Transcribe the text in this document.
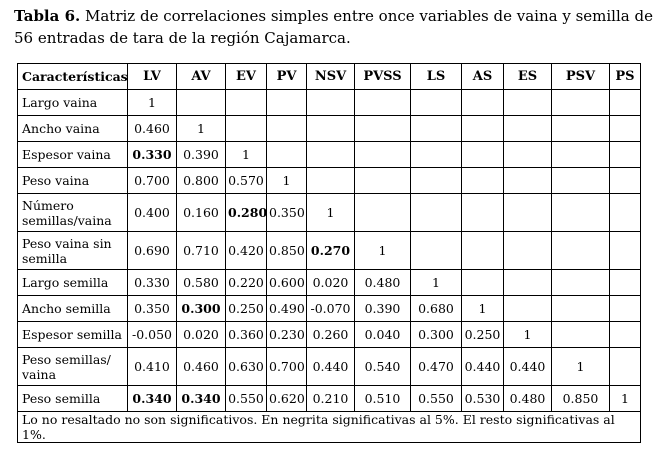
Tabla 6. Matriz de correlaciones simples entre once variables de vaina y semilla de 56 entradas de tara de la región Cajamarca.
Características	LV	AV	EV	PV	NSV	PVSS	LS	AS	ES	PSV	PS
Largo vaina	1										
Ancho vaina	0.460	1									
Espesor vaina	0.330	0.390	1								
Peso vaina	0.700	0.800	0.570	1							
Número semillas/vaina	0.400	0.160	0.280	0.350	1						
Peso vaina sin semilla	0.690	0.710	0.420	0.850	0.270	1					
Largo semilla	0.330	0.580	0.220	0.600	0.020	0.480	1				
Ancho semilla	0.350	0.300	0.250	0.490	-0.070	0.390	0.680	1			
Espesor semilla	-0.050	0.020	0.360	0.230	0.260	0.040	0.300	0.250	1		
Peso semillas/ vaina	0.410	0.460	0.630	0.700	0.440	0.540	0.470	0.440	0.440	1	
Peso semilla	0.340	0.340	0.550	0.620	0.210	0.510	0.550	0.530	0.480	0.850	1
Lo no resaltado no son significativos. En negrita significativas al 5%. El resto significativas al 1%.											
